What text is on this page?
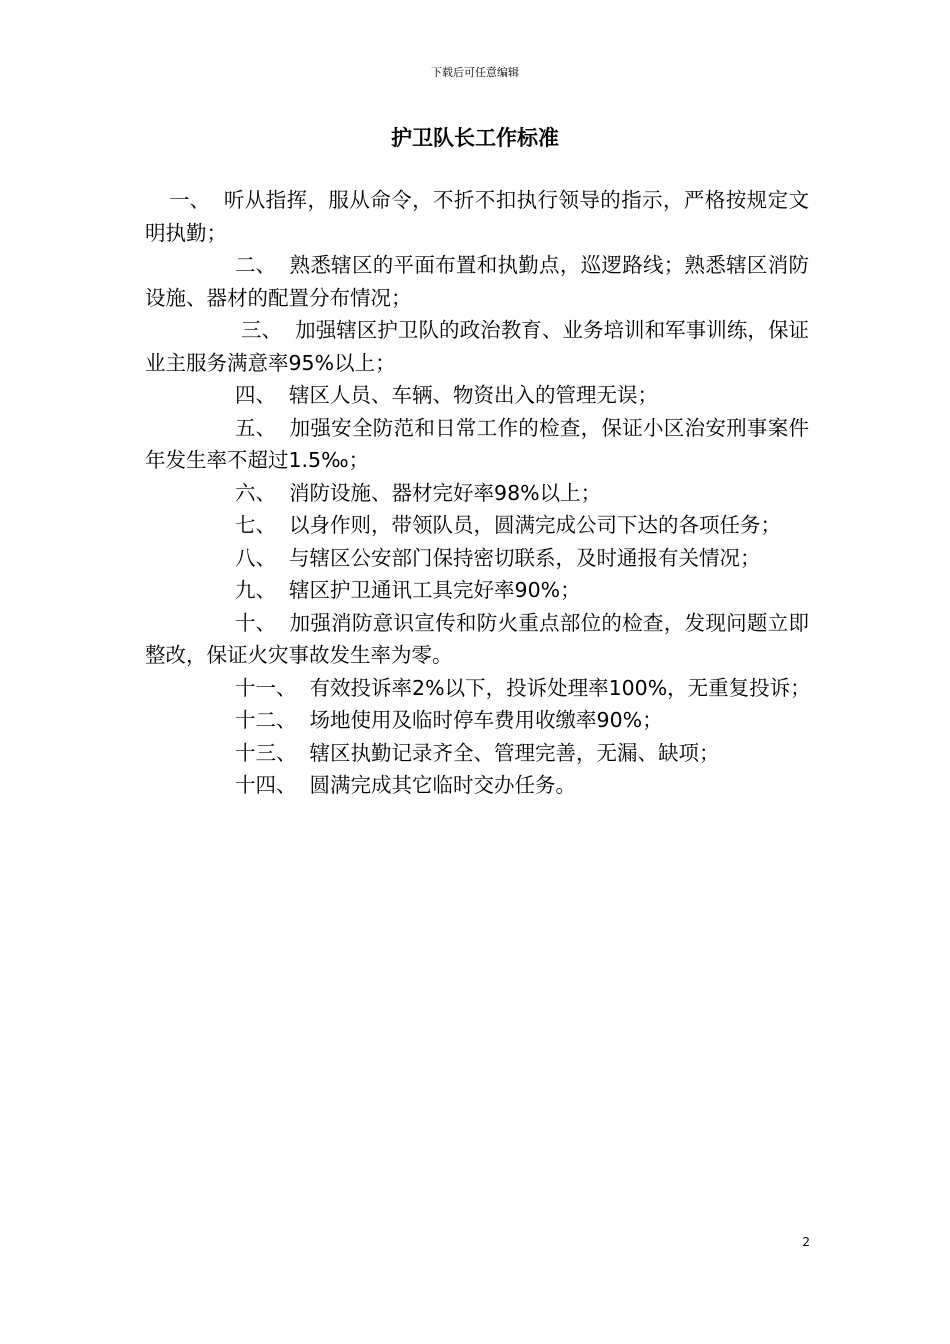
下载后可任意编辑
护卫队长工作标准

一、 听从指挥，服从命令，不折不扣执行领导的指示，严格按规定文明执勤；

二、 熟悉辖区的平面布置和执勤点，巡逻路线；熟悉辖区消防设施、器材的配置分布情况；

三、 加强辖区护卫队的政治教育、业务培训和军事训练，保证业主服务满意率95%以上；

四、 辖区人员、车辆、物资出入的管理无误；

五、 加强安全防范和日常工作的检查，保证小区治安刑事案件年发生率不超过1.5‰；

六、 消防设施、器材完好率98%以上；

七、 以身作则，带领队员，圆满完成公司下达的各项任务；

八、 与辖区公安部门保持密切联系，及时通报有关情况；

九、 辖区护卫通讯工具完好率90%；

十、 加强消防意识宣传和防火重点部位的检查，发现问题立即整改，保证火灾事故发生率为零。

十一、 有效投诉率2%以下，投诉处理率100%，无重复投诉；

十二、 场地使用及临时停车费用收缴率90%；

十三、 辖区执勤记录齐全、管理完善，无漏、缺项；

十四、 圆满完成其它临时交办任务。

2
